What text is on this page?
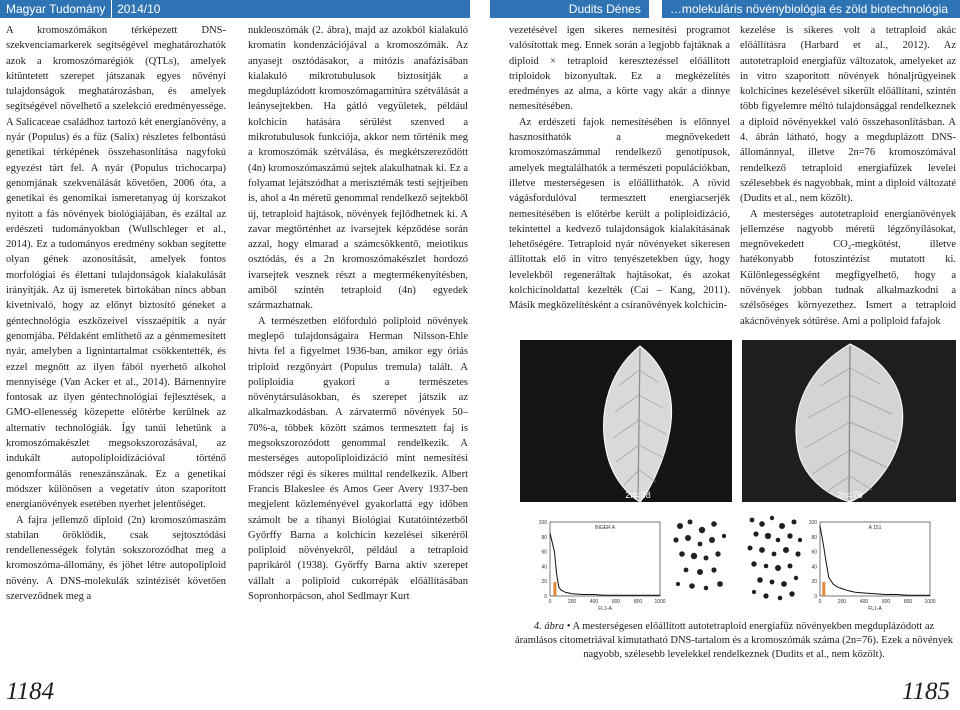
Magyar Tudomány 2014/10	Dudits Dénes	…molekuláris növénybiológia és zöld biotechnológia

A kromoszómákon térképezett DNS-szekvenciamarkerek segítségével meghatározhatók azok a kromoszómarégiók (QTLs), amelyek kitüntetett szerepet játszanak egyes növényi tulajdonságok meghatározásban, és amelyek segítségével növelhető a szelekció eredményessége. A Salicaceae családhoz tartozó két energianövény, a nyár (Populus) és a fűz (Salix) részletes felbontású genetikai térképének összehasonlítása nagyfokú egyezést tárt fel. A nyár (Populus trichocarpa) genomjának szekvenálását követően, 2006 óta, a genetikai és genomikai ismeretanyag új korszakot nyitott a fás növények biológiájában, és ezáltal az erdészeti tudományokban (Wullschleger et al., 2014). Ez a tudományos eredmény sokban segítette olyan gének azonosítását, amelyek fontos morfológiai és élettani tulajdonságok kialakulását irányítják. Az új ismeretek birtokában nincs abban kivetnivaló, hogy az előnyt biztosító géneket a géntechnológia eszközeivel visszaépítik a nyár genomjába. Példaként említhető az a génmemesített nyár, amelyben a lignintartalmat csökkentették, és ezzel megnőtt az ilyen fából nyerhető alkohol mennyisége (Van Acker et al., 2014). Bárnennyire fontosak az ilyen géntechnológiai fejlesztések, a GMO-ellenesség közepette előtérbe kerülnek az alternatív technológiák. Így tanúi lehetünk a kromoszómakészlet megsokszorozásával, az indukált autopoliploidizációval történő genomformálás reneszánszának. Ez a genetikai módszer különösen a vegetatív úton szaporított energianövények esetében nyerhet jelentőséget.

A fajra jellemző diploid (2n) kromoszómaszám stabilan öröklődik, csak sejtosztódási rendellenességek folytán sokszorozódhat meg a kromoszóma-állomány, és jöhet létre autopoliploid növény. A DNS-molekulák szintézisét követően szerveződnek meg a

nukleoszómák (2. ábra), majd az azokból kialakuló kromatin kondenzációjával a kromoszómák. Az anyasejt osztódásakor, a mitózis anafázisában kialakuló mikrotubulusok biztosítják a megduplázódott kromoszómagarnitúra szétválását a leánysejtekben. Ha gátló vegyületek, például kolchicin hatására sérülést szenved a mikrotubulusok funkciója, akkor nem történik meg a kromoszómák szétválása, és megkétszereződött (4n) kromoszómaszámú sejtek alakulhatnak ki. Ez a folyamat lejátszódhat a merisztémák testi sejtjeiben is, ahol a 4n méretű genommal rendelkező sejtekből új, tetraploid hajtások, növények fejlődhetnek ki. A zavar megtörténhet az ivarsejtek képződése során azzal, hogy elmarad a számcsökkentő, meiotikus osztódás, és a 2n kromoszómakészlet hordozó ivarsejtek vesznek részt a megtermékenyítésben, amiből szintén tetraploid (4n) egyedek származhatnak.

A természetben előforduló poliploid növények meglepő tulajdonságaira Herman Nilsson-Ehle hívta fel a figyelmet 1936-ban, amikor egy óriás triploid rezgőnyárt (Populus tremula) talált. A poliploidia gyakori a természetes növénytársulásokban, és szerepet játszik az alkalmazkodásban. A zárvatermő növények 50–70%-a, többek között számos termesztett faj is megsokszorozódott genommal rendelkezik. A mesterséges autopoliploidizáció mint nemesítési módszer régi és sikeres múlttal rendelkezik. Albert Francis Blakeslee és Amos Geer Avery 1937-ben megjelent közleményével gyakorlattá egy időben számolt be a tihanyi Biológiai Kutatóintézetből Győrffy Barna a kolchicin kezelései sikeréről poliploid növényekről, például a tetraploid paprikáról (1938). Győrffy Barna aktív szerepet vállalt a poliploid cukorrépák előállításában Sopronhorpácson, ahol Sedlmayr Kurt

vezetésével igen sikeres nemesítési programot valósítottak meg. Ennek során a legjobb fajtáknak a diploid × tetraploid keresztezéssel előállított triploidok bizonyultak. Ez a megkézelítés eredményes az alma, a körte vagy akár a dinnye nemesítésében.

Az erdészeti fajok nemesítésében is előnnyel hasznosíthatók a megnövekedett kromoszómaszámmal rendelkező genotípusok, amelyek megtalálhatók a természeti populációkban, illetve mesterségesen is előállíthatók. A rövid vágásfordulóval termesztett energiacserjék nemesítésében is előtérbe került a poliploidizáció, tekintettel a kedvező tulajdonságok kialakításának lehetőségére. Tetraploid nyár növényeket sikeresen állítottak elő in vitro tenyészetekben úgy, hogy levelekből regeneráltak hajtásokat, és azokat kolchicinoldattal kezelték (Cai – Kang, 2011). Másik megközelítésként a csíranövények kolchicin-

kezelése is sikeres volt a tetraploid akác előállításra (Harbard et al., 2012). Az autotetraploid energiafűz változatok, amelyeket az in vitro szaporított növények hónaljrügyeinek kolchicines kezelésével sikerült előállítani, szintén több figyelemre méltó tulajdonsággal rendelkeznek a diploid növényekkel való összehasonlításban. A 4. ábrán látható, hogy a megduplázott DNS-állománnyal, illetve 2n=76 kromoszómával rendelkező tetraploid energiafüzek levelei szélesebbek és nagyobbak, mint a diploid változaté (Dudits et al., nem közölt).

A mesterséges autotetraploid energianövények jellemzése nagyobb méretű légzőnyílásokat, megnövekedett CO₂-megkötést, illetve hatékonyabb fotoszintézist mutatott ki. Különlegességként megfigyelhető, hogy a növények jobban tudnak alkalmazkodni a szélsőséges környezethez. Ismert a tetraploid akácnövények sótűrése. Ami a poliploid fafajok

2n=38	2n=76
INGER A
0
20
40
60
80
100
0	200	400	600	800 1000
FL1-A
A 151
0
20
40
60
80
100
0	200	400	600	800 1000
FL1-A
4. ábra • A mesterségesen előállított autotetraploid energiafűz növényekben megduplázódott az áramlásos citometriával kimutatható DNS-tartalom és a kromoszómák száma (2n=76). Ezek a növények nagyobb, szélesebb levelekkel rendelkeznek (Dudits et al., nem közölt).
1184	1185
